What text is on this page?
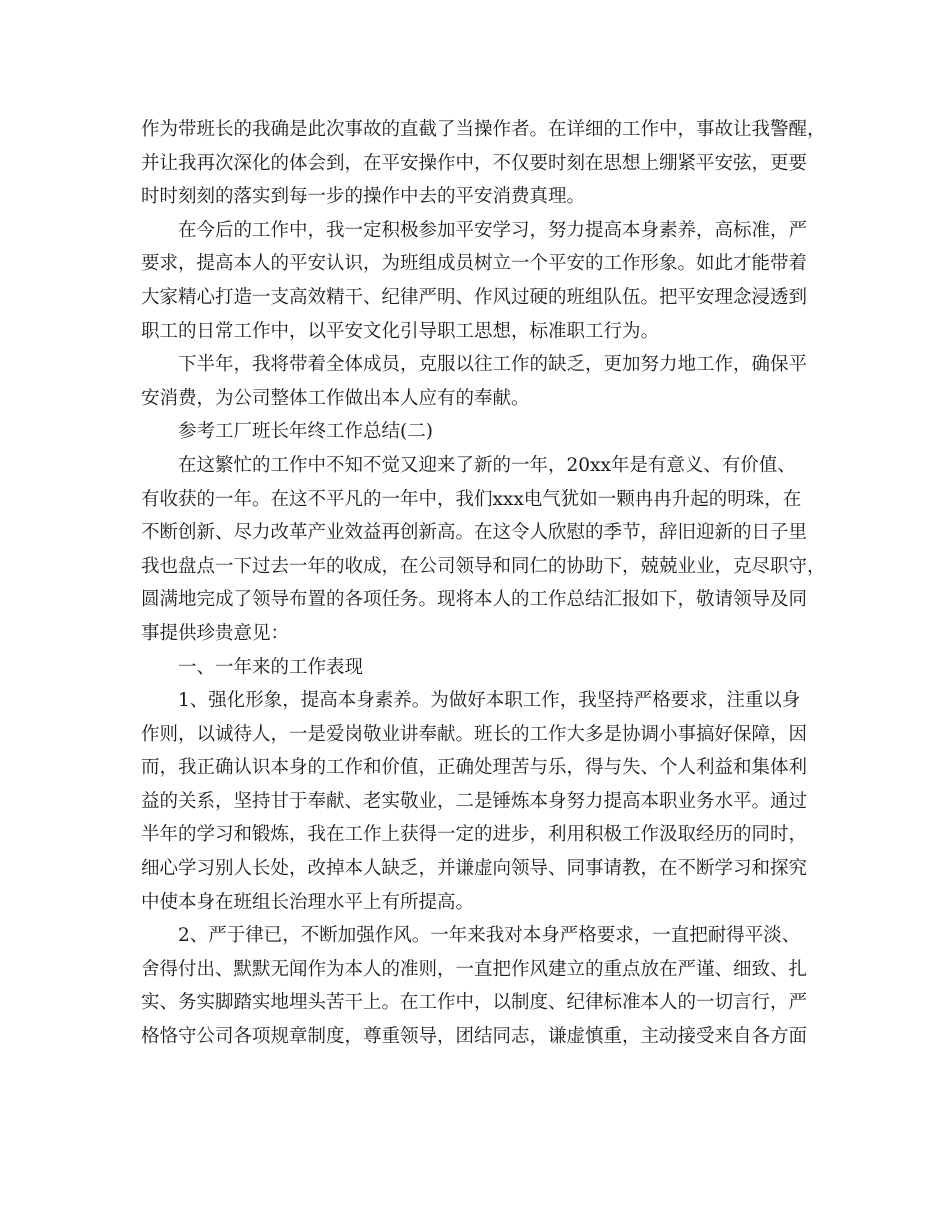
作为带班长的我确是此次事故的直截了当操作者。在详细的工作中，事故让我警醒，
并让我再次深化的体会到，在平安操作中，不仅要时刻在思想上绷紧平安弦，更要
时时刻刻的落实到每一步的操作中去的平安消费真理。
在今后的工作中，我一定积极参加平安学习，努力提高本身素养，高标准，严
要求，提高本人的平安认识，为班组成员树立一个平安的工作形象。如此才能带着
大家精心打造一支高效精干、纪律严明、作风过硬的班组队伍。把平安理念浸透到
职工的日常工作中，以平安文化引导职工思想，标准职工行为。
下半年，我将带着全体成员，克服以往工作的缺乏，更加努力地工作，确保平
安消费，为公司整体工作做出本人应有的奉献。
参考工厂班长年终工作总结(二)
在这繁忙的工作中不知不觉又迎来了新的一年，20xx年是有意义、有价值、
有收获的一年。在这不平凡的一年中，我们xxx电气犹如一颗冉冉升起的明珠，在
不断创新、尽力改革产业效益再创新高。在这令人欣慰的季节，辞旧迎新的日子里
我也盘点一下过去一年的收成，在公司领导和同仁的协助下，兢兢业业，克尽职守，
圆满地完成了领导布置的各项任务。现将本人的工作总结汇报如下，敬请领导及同
事提供珍贵意见：
一、一年来的工作表现
1、强化形象，提高本身素养。为做好本职工作，我坚持严格要求，注重以身
作则，以诚待人，一是爱岗敬业讲奉献。班长的工作大多是协调小事搞好保障，因
而，我正确认识本身的工作和价值，正确处理苦与乐，得与失、个人利益和集体利
益的关系，坚持甘于奉献、老实敬业，二是锤炼本身努力提高本职业务水平。通过
半年的学习和锻炼，我在工作上获得一定的进步，利用积极工作汲取经历的同时，
细心学习别人长处，改掉本人缺乏，并谦虚向领导、同事请教，在不断学习和探究
中使本身在班组长治理水平上有所提高。
2、严于律已，不断加强作风。一年来我对本身严格要求，一直把耐得平淡、
舍得付出、默默无闻作为本人的准则，一直把作风建立的重点放在严谨、细致、扎
实、务实脚踏实地埋头苦干上。在工作中，以制度、纪律标准本人的一切言行，严
格恪守公司各项规章制度，尊重领导，团结同志，谦虚慎重，主动接受来自各方面
